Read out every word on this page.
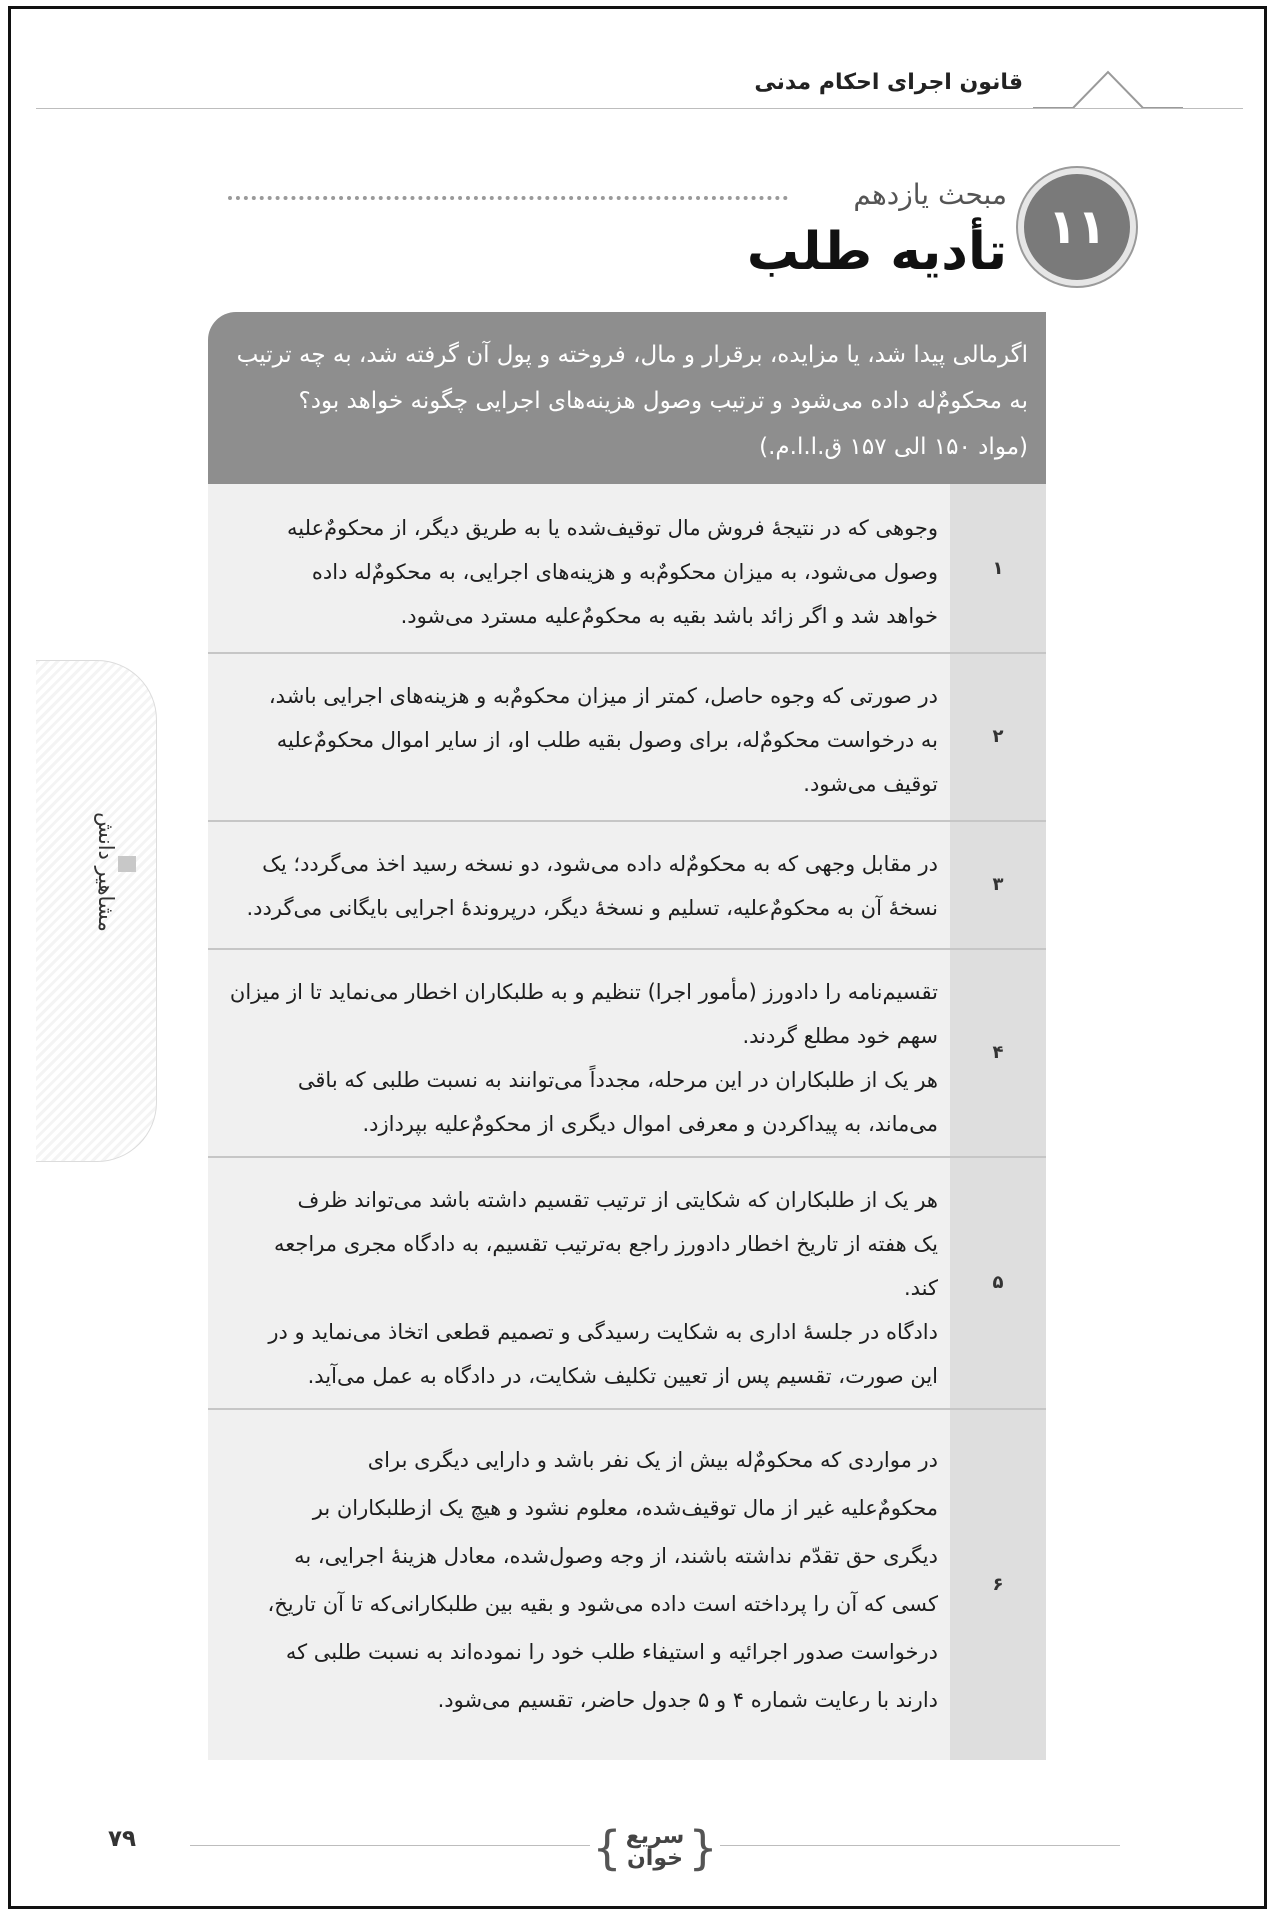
قانون اجرای احکام مدنی
۱۱
مبحث یازدهم
تأدیه طلب
اگرمالی پیدا شد، یا مزایده، برقرار و مال، فروخته و پول آن گرفته شد، به چه ترتیب
به محکومٌ‌له داده می‌شود و ترتیب وصول هزینه‌های اجرایی چگونه خواهد بود؟
(مواد ۱۵۰ الی ۱۵۷ ق.ا.ا.م.)
۱
وجوهی که در نتیجهٔ فروش مال توقیف‌شده یا به طریق دیگر، از محکومٌ‌علیه
وصول می‌شود، به میزان محکومٌ‌به و هزینه‌های اجرایی، به محکومٌ‌له داده
خواهد شد و اگر زائد باشد بقیه به محکومٌ‌علیه مسترد می‌شود.
۲
در صورتی که وجوه حاصل، کمتر از میزان محکومٌ‌به و هزینه‌های اجرایی باشد،
به درخواست محکومٌ‌له، برای وصول بقیه طلب او، از سایر اموال محکومٌ‌علیه
توقیف می‌شود.
۳
در مقابل وجهی که به محکومٌ‌له داده می‌شود، دو نسخه رسید اخذ می‌گردد؛ یک
نسخهٔ آن به محکومٌ‌علیه، تسلیم و نسخهٔ دیگر، درپروندهٔ اجرایی بایگانی می‌گردد.
۴
تقسیم‌نامه را دادورز (مأمور اجرا) تنظیم و به طلبکاران اخطار می‌نماید تا از میزان
سهم خود مطلع گردند.
هر یک از طلبکاران در این مرحله، مجدداً می‌توانند به نسبت طلبی که باقی
می‌ماند، به پیداکردن و معرفی اموال دیگری از محکومٌ‌علیه بپردازد.
۵
هر یک از طلبکاران که شکایتی از ترتیب تقسیم داشته باشد می‌تواند ظرف
یک هفته از تاریخ اخطار دادورز راجع به‌ترتیب تقسیم، به دادگاه مجری مراجعه
کند.
دادگاه در جلسهٔ اداری به شکایت رسیدگی و تصمیم قطعی اتخاذ می‌نماید و در
این صورت، تقسیم پس از تعیین تکلیف شکایت، در دادگاه به عمل می‌آید.
۶
در مواردی که محکومٌ‌له بیش از یک نفر باشد و دارایی دیگری برای
محکومٌ‌علیه غیر از مال توقیف‌شده، معلوم نشود و هیچ یک ازطلبکاران بر
دیگری حق تقدّم نداشته باشند، از وجه وصول‌شده، معادل هزینهٔ اجرایی، به
کسی که آن را پرداخته است داده می‌شود و بقیه بین طلبکارانی‌که تا آن تاریخ،
درخواست صدور اجرائیه و استیفاء طلب خود را نموده‌اند به نسبت طلبی که
دارند با رعایت شماره ۴ و ۵ جدول حاضر، تقسیم می‌شود.
مشاهیر دانش
۷۹	{ سریع
خوان }
